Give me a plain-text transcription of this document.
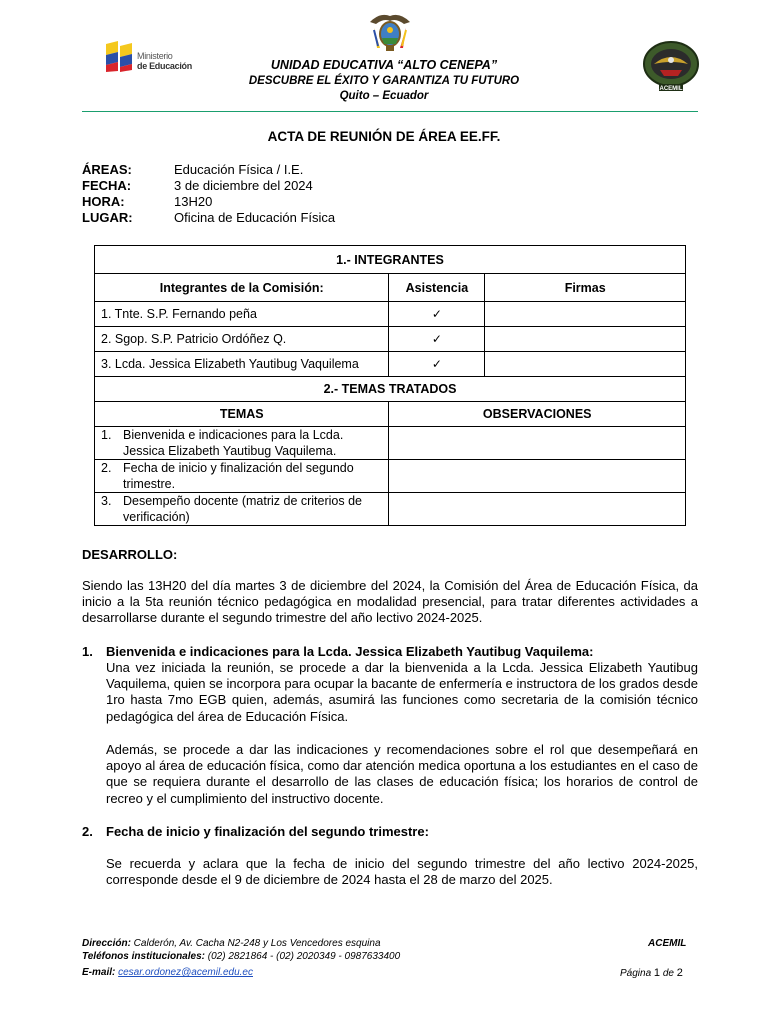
Ministerio
de Educación
ACEMIL
UNIDAD EDUCATIVA “ALTO CENEPA”
DESCUBRE EL ÉXITO Y GARANTIZA TU FUTURO
Quito – Ecuador
ACTA DE REUNIÓN DE ÁREA EE.FF.
ÁREAS:	Educación Física / I.E.
FECHA:	3 de diciembre del 2024
HORA:	13H20
LUGAR:	Oficina de Educación Física
1.- INTEGRANTES		
Integrantes de la Comisión:	Asistencia	Firmas
1. Tnte. S.P. Fernando peña	✓	
2. Sgop. S.P. Patricio Ordóñez Q.	✓	
3. Lcda. Jessica Elizabeth Yautibug Vaquilema	✓	
2.- TEMAS TRATADOS		
TEMAS	OBSERVACIONES	

1. Bienvenida e indicaciones para la Lcda. Jessica Elizabeth Yautibug Vaquilema.		

2. Fecha de inicio y finalización del segundo trimestre.		

3. Desempeño docente (matriz de criterios de verificación)		

DESARROLLO:
Siendo las 13H20 del día martes 3 de diciembre del 2024, la Comisión del Área de Educación Física, da inicio a la 5ta reunión técnico pedagógica en modalidad presencial, para tratar diferentes actividades a desarrollarse durante el segundo trimestre del año lectivo 2024-2025.
1. Bienvenida e indicaciones para la Lcda. Jessica Elizabeth Yautibug Vaquilema:
Una vez iniciada la reunión, se procede a dar la bienvenida a la Lcda. Jessica Elizabeth Yautibug Vaquilema, quien se incorpora para ocupar la bacante de enfermería e instructora de los grados desde 1ro hasta 7mo EGB quien, además, asumirá las funciones como secretaria de la comisión técnico pedagógica del área de Educación Física.
Además, se procede a dar las indicaciones y recomendaciones sobre el rol que desempeñará en apoyo al área de educación física, como dar atención medica oportuna a los estudiantes en el caso de que se requiera durante el desarrollo de las clases de educación física; los horarios de control de recreo y el cumplimiento del instructivo docente.
2. Fecha de inicio y finalización del segundo trimestre:
Se recuerda y aclara que la fecha de inicio del segundo trimestre del año lectivo 2024-2025, corresponde desde el 9 de diciembre de 2024 hasta el 28 de marzo del 2025.
Dirección: Calderón, Av. Cacha N2-248 y Los Vencedores esquina
Teléfonos institucionales: (02) 2821864 - (02) 2020349 - 0987633400
E-mail: cesar.ordonez@acemil.edu.ec
ACEMIL
Página 1 de 2
